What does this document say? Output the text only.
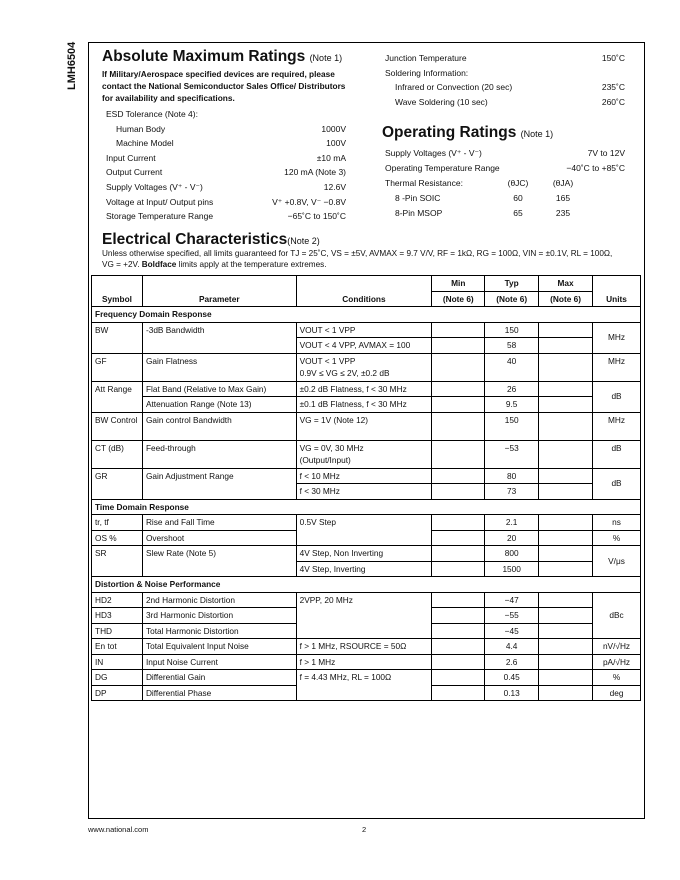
LMH6504 Absolute Maximum Ratings (Note 1)
If Military/Aerospace specified devices are required, please contact the National Semiconductor Sales Office/ Distributors for availability and specifications.
ESD Tolerance (Note 4):
Human Body	1000V
Machine Model	100V
Input Current	±10 mA
Output Current	120 mA (Note 3)
Supply Voltages (V⁺ - V⁻)	12.6V
Voltage at Input/ Output pins	V⁺ +0.8V, V⁻ −0.8V
Storage Temperature Range	−65˚C to 150˚C
Junction Temperature	150˚C
Soldering Information:
Infrared or Convection (20 sec)	235˚C
Wave Soldering (10 sec)	260˚C
Operating Ratings (Note 1)
Supply Voltages (V⁺ - V⁻)	7V to 12V
Operating Temperature Range	−40˚C to +85˚C
Thermal Resistance:	(θJC)	(θJA)
8 -Pin SOIC	60	165
8-Pin MSOP	65	235
Electrical Characteristics(Note 2)
Unless otherwise specified, all limits guaranteed for TJ = 25˚C, VS = ±5V, AVMAX = 9.7 V/V, RF = 1kΩ, RG = 100Ω, VIN = ±0.1V, RL = 100Ω, VG = +2V. Boldface limits apply at the temperature extremes.
Symbol	Parameter	Conditions	Min	Typ	Max	Units
			(Note 6)	(Note 6)	(Note 6)	
Frequency Domain Response						
BW	-3dB Bandwidth	VOUT < 1 VPP		150		MHz
		VOUT < 4 VPP, AVMAX = 100		58		
GF	Gain Flatness	VOUT < 1 VPP
0.9V ≤ VG ≤ 2V, ±0.2 dB		40		MHz
Att Range	Flat Band (Relative to Max Gain)	±0.2 dB Flatness, f < 30 MHz		26		dB
	Attenuation Range (Note 13)	±0.1 dB Flatness, f < 30 MHz		9.5		
BW Control	Gain control Bandwidth	VG = 1V (Note 12)		150		MHz
CT (dB)	Feed-through	VG = 0V, 30 MHz
(Output/Input)		−53		dB
GR	Gain Adjustment Range	f < 10 MHz		80		dB
		f < 30 MHz		73		
Time Domain Response						
tr, tf	Rise and Fall Time	0.5V Step		2.1		ns
OS %	Overshoot			20		%
SR	Slew Rate (Note 5)	4V Step, Non Inverting		800		V/μs
		4V Step, Inverting		1500		
Distortion & Noise Performance						
HD2	2nd Harmonic Distortion	2VPP, 20 MHz		−47		dBc
HD3	3rd Harmonic Distortion			−55		
THD	Total Harmonic Distortion			−45		
En tot	Total Equivalent Input Noise	f > 1 MHz, RSOURCE = 50Ω		4.4		nV/√Hz
IN	Input Noise Current	f > 1 MHz		2.6		pA/√Hz
DG	Differential Gain	f = 4.43 MHz, RL = 100Ω		0.45		%
DP	Differential Phase			0.13		deg
www.national.com	2
